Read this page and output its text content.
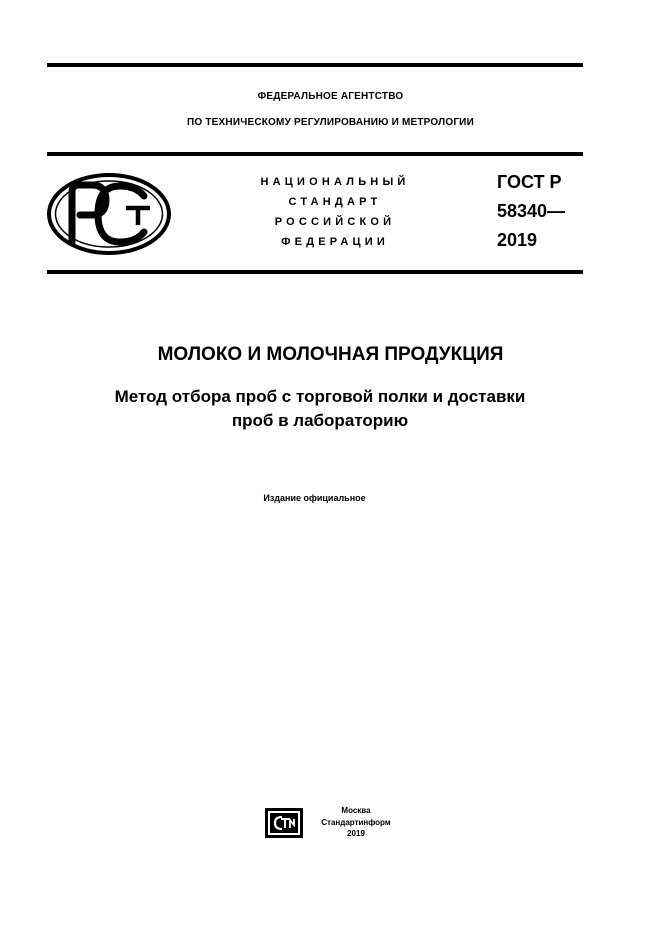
ФЕДЕРАЛЬНОЕ АГЕНТСТВО
ПО ТЕХНИЧЕСКОМУ РЕГУЛИРОВАНИЮ И МЕТРОЛОГИИ
НАЦИОНАЛЬНЫЙ
СТАНДАРТ
РОССИЙСКОЙ
ФЕДЕРАЦИИ
ГОСТ Р
58340—
2019
МОЛОКО И МОЛОЧНАЯ ПРОДУКЦИЯ
Метод отбора проб с торговой полки и доставки
проб в лабораторию
Издание официальное
Москва
Стандартинформ
2019
